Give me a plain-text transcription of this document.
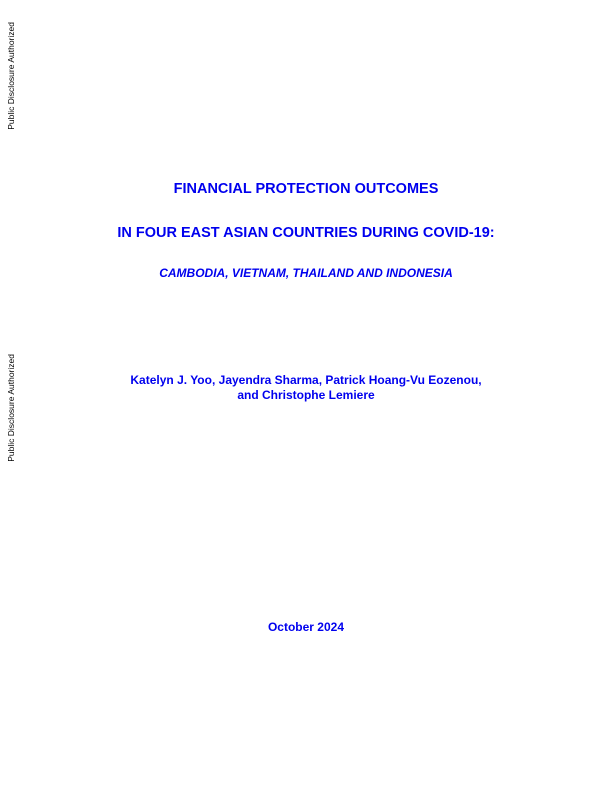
Public Disclosure Authorized
Public Disclosure Authorized
FINANCIAL PROTECTION OUTCOMES
IN FOUR EAST ASIAN COUNTRIES DURING COVID-19:
CAMBODIA, VIETNAM, THAILAND AND INDONESIA
Katelyn J. Yoo, Jayendra Sharma, Patrick Hoang-Vu Eozenou,
and Christophe Lemiere
October 2024
